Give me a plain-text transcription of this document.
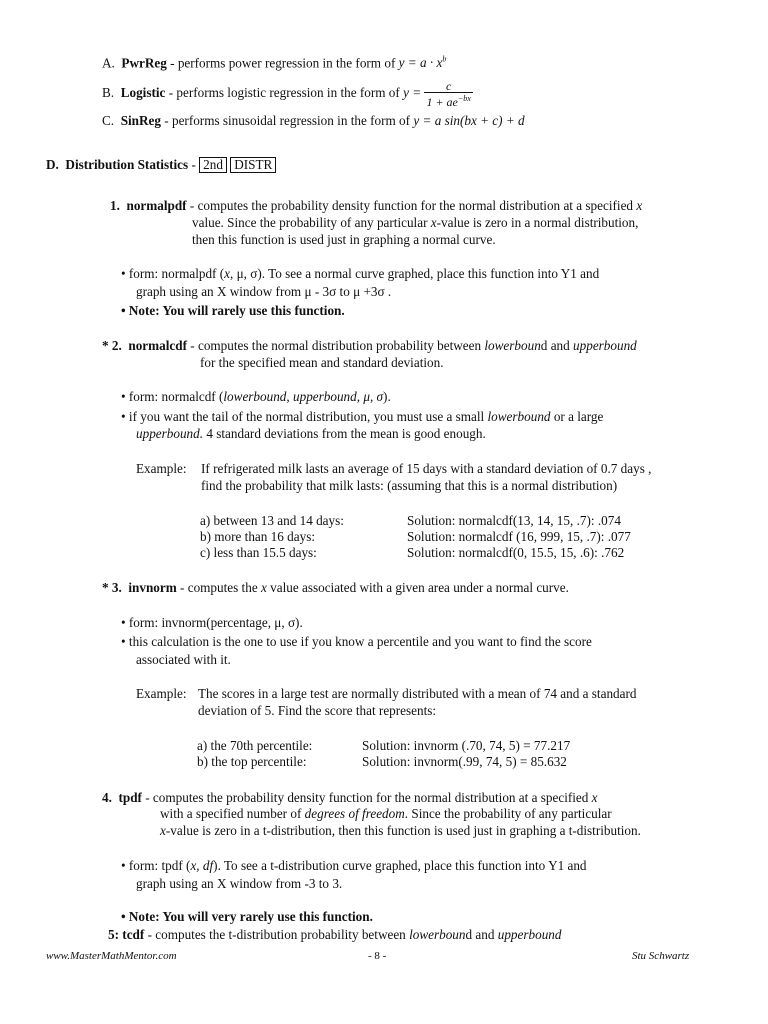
A. PwrReg - performs power regression in the form of $y = a \cdot x^b$
B. Logistic - performs logistic regression in the form of $y = \frac{c}{1 + ae^{-bx}}$
C. SinReg - performs sinusoidal regression in the form of y = a sin(bx + c) + d
D. Distribution Statistics - 2nd DISTR
1. normalpdf - computes the probability density function for the normal distribution at a specified x
value. Since the probability of any particular x-value is zero in a normal distribution,
then this function is used just in graphing a normal curve.
• form: normalpdf (x, μ, σ). To see a normal curve graphed, place this function into Y1 and
graph using an X window from μ - 3σ to μ +3σ .
• Note: You will rarely use this function.
* 2. normalcdf - computes the normal distribution probability between lowerbound and upperbound
for the specified mean and standard deviation.
• form: normalcdf (lowerbound, upperbound, μ, σ).
• if you want the tail of the normal distribution, you must use a small lowerbound or a large
upperbound. 4 standard deviations from the mean is good enough.
Example: If refrigerated milk lasts an average of 15 days with a standard deviation of 0.7 days ,
find the probability that milk lasts: (assuming that this is a normal distribution)
a) between 13 and 14 days:	Solution: normalcdf(13, 14, 15, .7): .074
b) more than 16 days:	Solution: normalcdf (16, 999, 15, .7): .077
c) less than 15.5 days:	Solution: normalcdf(0, 15.5, 15, .6): .762
* 3. invnorm - computes the x value associated with a given area under a normal curve.
• form: invnorm(percentage, μ, σ).
• this calculation is the one to use if you know a percentile and you want to find the score
associated with it.
Example: The scores in a large test are normally distributed with a mean of 74 and a standard
deviation of 5. Find the score that represents:
a) the 70th percentile:	Solution: invnorm (.70, 74, 5) = 77.217
b) the top percentile:	Solution: invnorm(.99, 74, 5) = 85.632
4. tpdf - computes the probability density function for the normal distribution at a specified x
with a specified number of degrees of freedom. Since the probability of any particular
x-value is zero in a t-distribution, then this function is used just in graphing a t-distribution.
• form: tpdf (x, df). To see a t-distribution curve graphed, place this function into Y1 and
graph using an X window from -3 to 3.
• Note: You will very rarely use this function.
5: tcdf - computes the t-distribution probability between lowerbound and upperbound
www.MasterMathMentor.com	- 8 -	Stu Schwartz
